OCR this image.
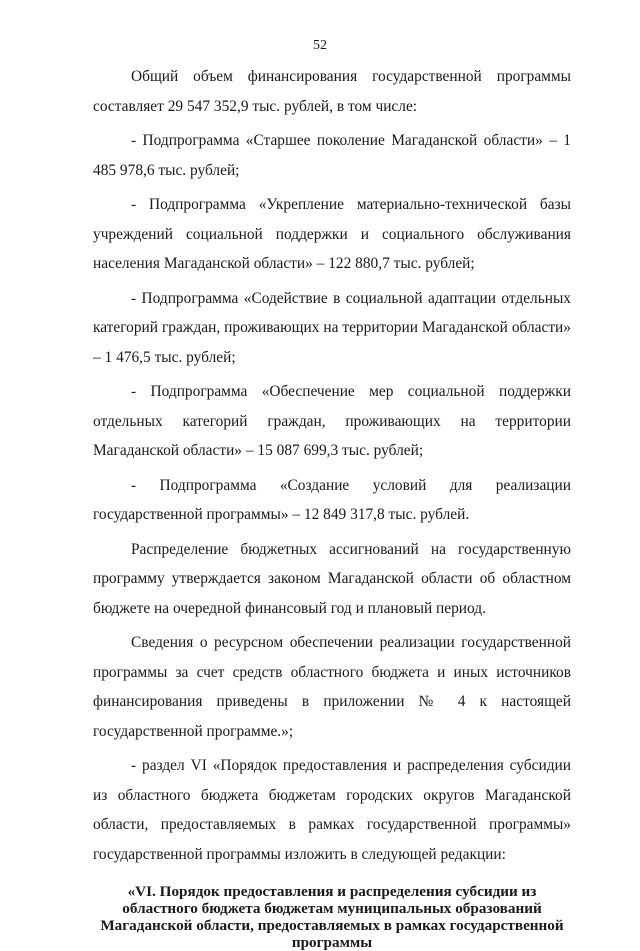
52

Общий объем финансирования государственной программы составляет 29 547 352,9 тыс. рублей, в том числе:

- Подпрограмма «Старшее поколение Магаданской области» – 1 485 978,6 тыс. рублей;

- Подпрограмма «Укрепление материально-технической базы учреждений социальной поддержки и социального обслуживания населения Магаданской области» – 122 880,7 тыс. рублей;

- Подпрограмма «Содействие в социальной адаптации отдельных категорий граждан, проживающих на территории Магаданской области» – 1 476,5 тыс. рублей;

- Подпрограмма «Обеспечение мер социальной поддержки отдельных категорий граждан, проживающих на территории Магаданской области» – 15 087 699,3 тыс. рублей;

- Подпрограмма «Создание условий для реализации государственной программы» – 12 849 317,8 тыс. рублей.

Распределение бюджетных ассигнований на государственную программу утверждается законом Магаданской области об областном бюджете на очередной финансовый год и плановый период.

Сведения о ресурсном обеспечении реализации государственной программы за счет средств областного бюджета и иных источников финансирования приведены в приложении № 4 к настоящей государственной программе.»;

- раздел VI «Порядок предоставления и распределения субсидии из областного бюджета бюджетам городских округов Магаданской области, предоставляемых в рамках государственной программы» государственной программы изложить в следующей редакции:

«VI. Порядок предоставления и распределения субсидии из областного бюджета бюджетам муниципальных образований Магаданской области, предоставляемых в рамках государственной программы
